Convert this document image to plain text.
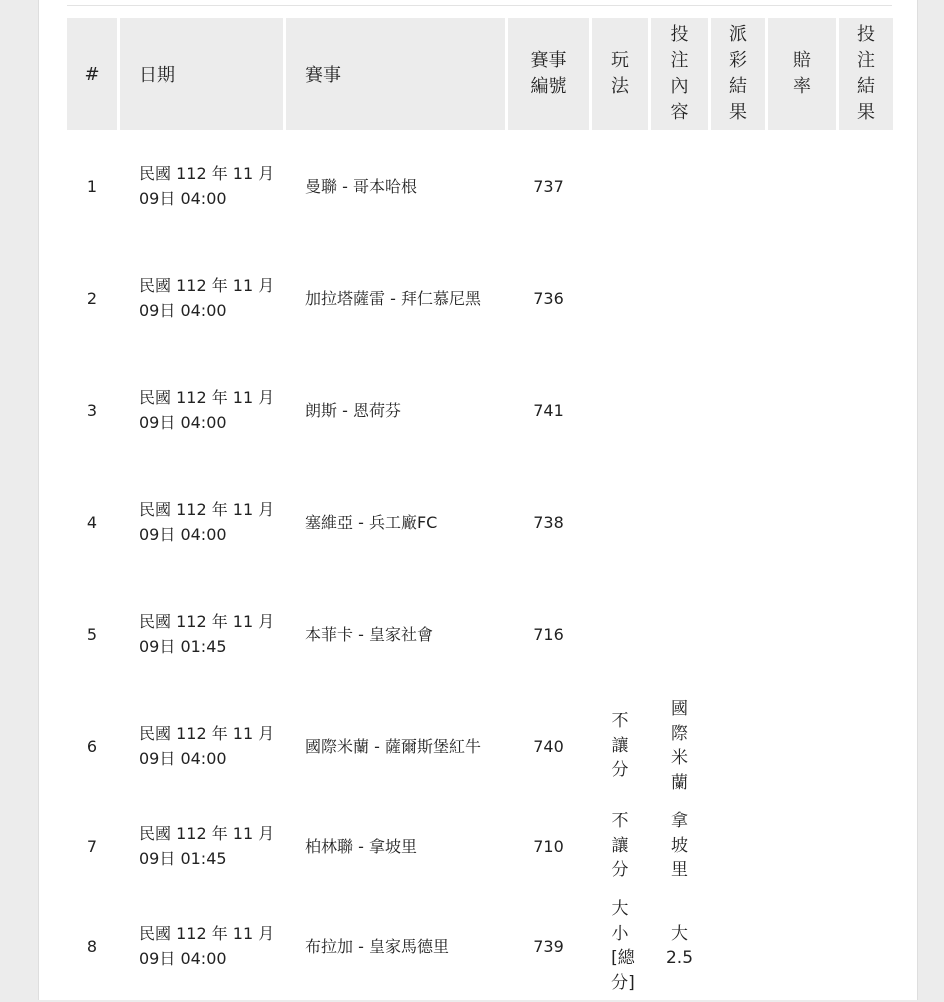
#	日期	賽事	賽事編號	玩法	投注內容	派彩結果	賠率	投注結果

1	民國 112 年 11 月09日 04:00	曼聯 - 哥本哈根	737	

2	民國 112 年 11 月09日 04:00	加拉塔薩雷 - 拜仁慕尼黑	736	

3	民國 112 年 11 月09日 04:00	朗斯 - 恩荷芬	741	

4	民國 112 年 11 月09日 04:00	塞維亞 - 兵工廠FC	738	

5	民國 112 年 11 月09日 01:45	本菲卡 - 皇家社會	716	

6	民國 112 年 11 月09日 04:00	國際米蘭 - 薩爾斯堡紅牛	740	不讓分	國際米蘭			

7	民國 112 年 11 月09日 01:45	柏林聯 - 拿坡里	710	不讓分	拿坡里			

8	民國 112 年 11 月09日 04:00	布拉加 - 皇家馬德里	739	大小[總分]	大2.5			
